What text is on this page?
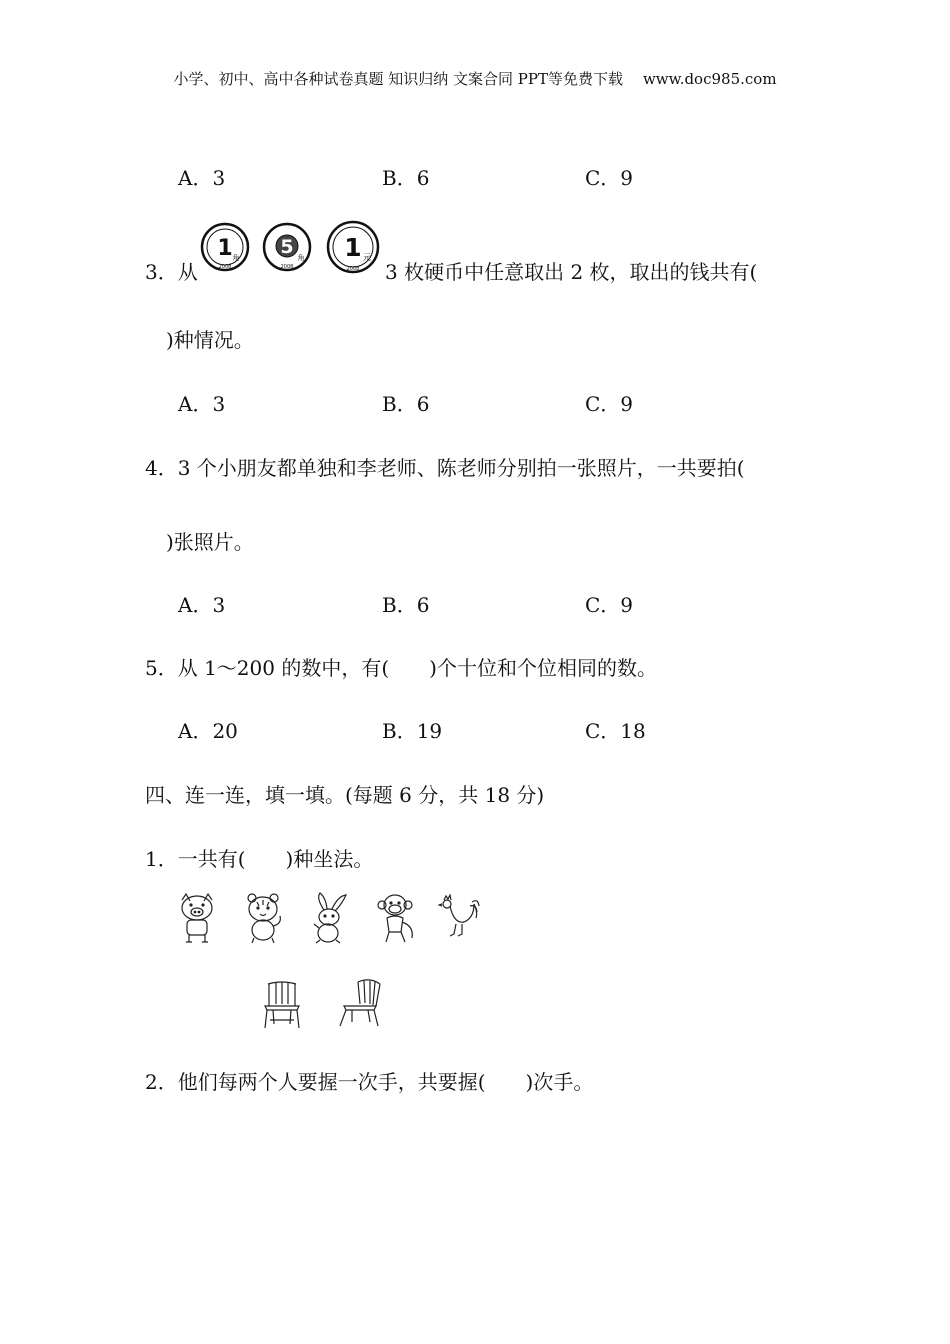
小学、初中、高中各种试卷真题 知识归纳 文案合同 PPT等免费下载 www.doc985.com
A．3	B．6	C．9
3．从
1 角
2008
5 角
2008
1 元
2008 3 枚硬币中任意取出 2 枚，取出的钱共有(
)种情况。
A．3	B．6	C．9
4．3 个小朋友都单独和李老师、陈老师分别拍一张照片，一共要拍(
)张照片。
A．3	B．6	C．9
5．从 1～200 的数中，有( )个十位和个位相同的数。
A．20	B．19	C．18
四、连一连，填一填。(每题 6 分，共 18 分)
1．一共有( )种坐法。
2．他们每两个人要握一次手，共要握( )次手。
